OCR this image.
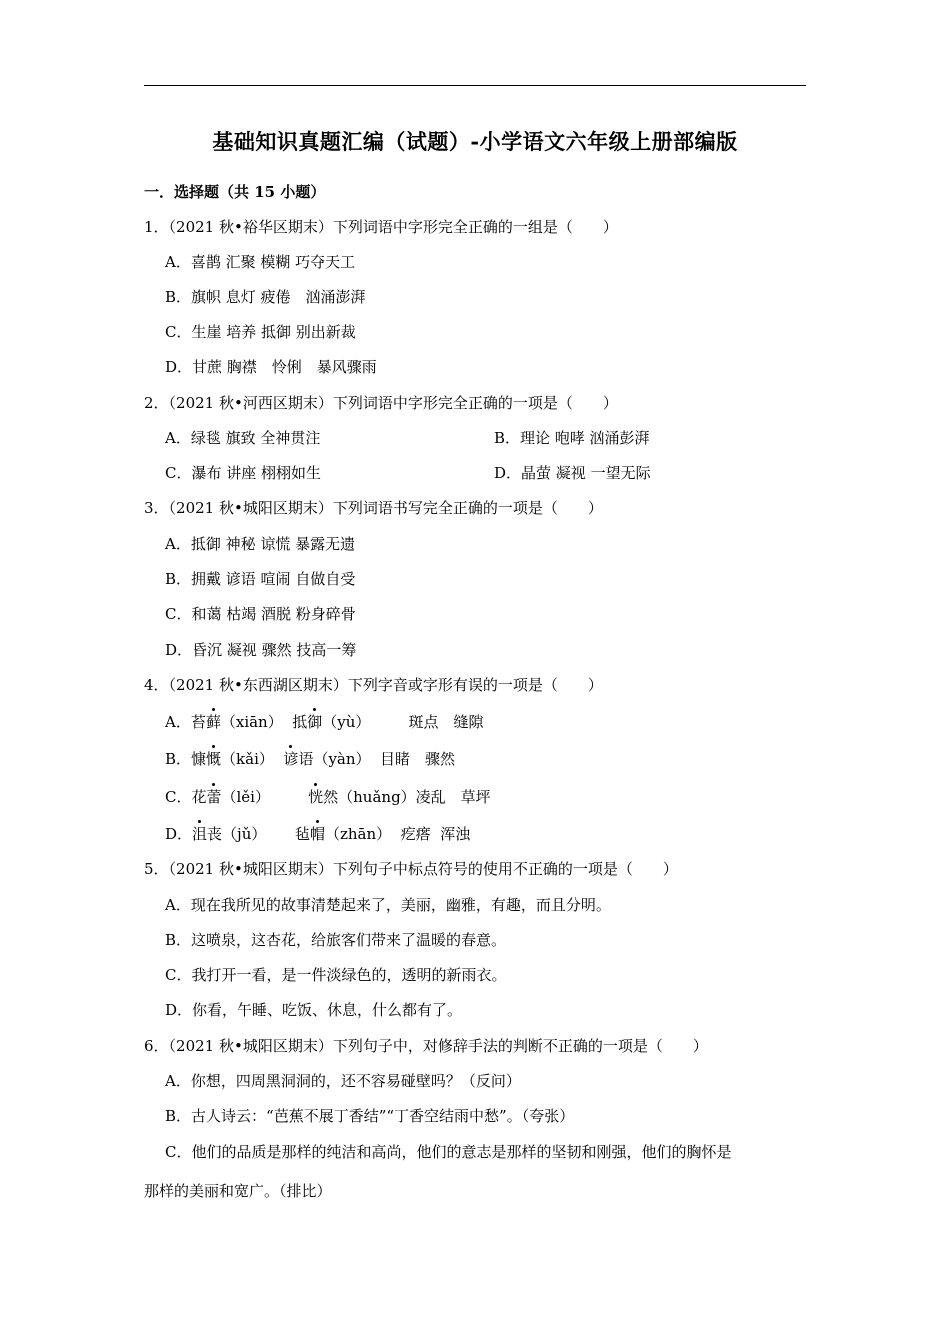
基础知识真题汇编（试题）-小学语文六年级上册部编版
一．选择题（共 15 小题）
1．（2021 秋•裕华区期末）下列词语中字形完全正确的一组是（　　）
A．喜鹊 汇聚 模糊 巧夺天工
B．旗帜 息灯 疲倦　汹涌澎湃
C．生崖 培养 抵御 别出新裁
D．甘蔗 胸襟　怜俐　暴风骤雨
2．（2021 秋•河西区期末）下列词语中字形完全正确的一项是（　　）
A．绿毯 旗致 全神贯注	B．理论 咆哮 汹涌彭湃
C．瀑布 讲座 栩栩如生	D．晶萤 凝视 一望无际
3．（2021 秋•城阳区期末）下列词语书写完全正确的一项是（　　）
A．抵御 神秘 谅慌 暴露无遗
B．拥戴 谚语 喧闹 自做自受
C．和蔼 枯竭 酒脱 粉身碎骨
D．昏沉 凝视 骤然 技高一筹
4．（2021 秋•东西湖区期末）下列字音或字形有误的一项是（　　）
A．苔藓（xiān）  抵御（yù）        斑点　缝隙
B．慷慨（kǎi）  谚语（yàn）  目睹　骤然
C．花蕾（lěi）        恍然（huǎng）凌乱　草坪
D．沮丧（jǔ）      毡帽（zhān）  疙瘩  浑浊
5．（2021 秋•城阳区期末）下列句子中标点符号的使用不正确的一项是（　　）
A．现在我所见的故事清楚起来了，美丽，幽雅，有趣，而且分明。
B．这喷泉，这杏花，给旅客们带来了温暖的春意。
C．我打开一看，是一件淡绿色的，透明的新雨衣。
D．你看，午睡、吃饭、休息，什么都有了。
6．（2021 秋•城阳区期末）下列句子中，对修辞手法的判断不正确的一项是（　　）
A．你想，四周黑洞洞的，还不容易碰壁吗？（反问）
B．古人诗云：“芭蕉不展丁香结”“丁香空结雨中愁”。（夸张）
C．他们的品质是那样的纯洁和高尚，他们的意志是那样的坚韧和刚强，他们的胸怀是
那样的美丽和宽广。（排比）
